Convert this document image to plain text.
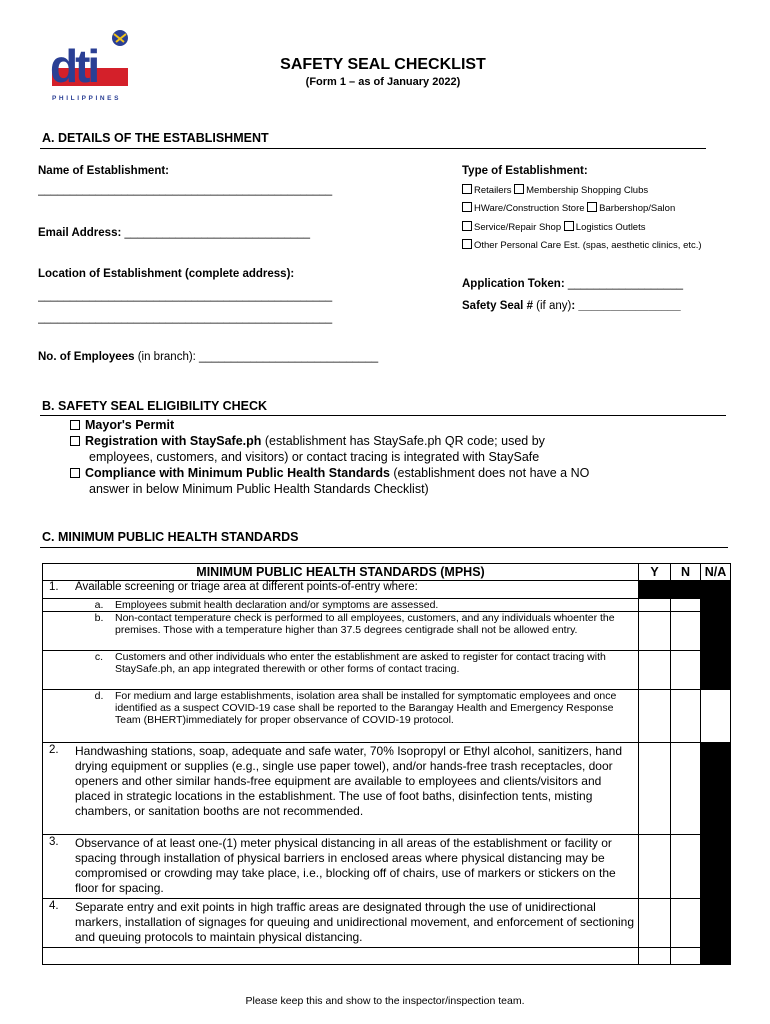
dti
PHILIPPINES
SAFETY SEAL CHECKLIST
(Form 1 – as of January 2022)
A. DETAILS OF THE ESTABLISHMENT
Name of Establishment:
______________________________________________
Email Address: _____________________________
Location of Establishment (complete address):
______________________________________________
______________________________________________
No. of Employees (in branch): ____________________________
Type of Establishment:
Retailers Membership Shopping Clubs
HWare/Construction Store Barbershop/Salon
Service/Repair Shop Logistics Outlets
Other Personal Care Est. (spas, aesthetic clinics, etc.)
Application Token: __________________
Safety Seal # (if any): ________________
B. SAFETY SEAL ELIGIBILITY CHECK
Mayor's Permit
Registration with StaySafe.ph (establishment has StaySafe.ph QR code; used by
employees, customers, and visitors) or contact tracing is integrated with StaySafe
Compliance with Minimum Public Health Standards (establishment does not have a NO
answer in below Minimum Public Health Standards Checklist)
C. MINIMUM PUBLIC HEALTH STANDARDS
MINIMUM PUBLIC HEALTH STANDARDS (MPHS)	Y	N	N/A

1. Available screening or triage area at different points-of-entry where:			

a. Employees submit health declaration and/or symptoms are assessed.			

b. Non-contact temperature check is performed to all employees, customers, and any individuals whoenter the premises. Those with a temperature higher than 37.5 degrees centigrade shall not be allowed entry.			

c. Customers and other individuals who enter the establishment are asked to register for contact tracing with StaySafe.ph, an app integrated therewith or other forms of contact tracing.			

d. For medium and large establishments, isolation area shall be installed for symptomatic employees and once identified as a suspect COVID-19 case shall be reported to the Barangay Health and Emergency Response Team (BHERT)immediately for proper observance of COVID-19 protocol.			

2. Handwashing stations, soap, adequate and safe water, 70% Isopropyl or Ethyl alcohol, sanitizers, hand drying equipment or supplies (e.g., single use paper towel), and/or hands-free trash receptacles, door openers and other similar hands-free equipment are available to employees and clients/visitors and placed in strategic locations in the establishment. The use of foot baths, disinfection tents, misting chambers, or sanitation booths are not recommended.			

3. Observance of at least one-(1) meter physical distancing in all areas of the establishment or facility or spacing through installation of physical barriers in enclosed areas where physical distancing may be compromised or crowding may take place, i.e., blocking off of chairs, use of markers or stickers on the floor for spacing.			

4. Separate entry and exit points in high traffic areas are designated through the use of unidirectional markers, installation of signages for queuing and unidirectional movement, and enforcement of sectioning and queuing protocols to maintain physical distancing.			

Please keep this and show to the inspector/inspection team.
